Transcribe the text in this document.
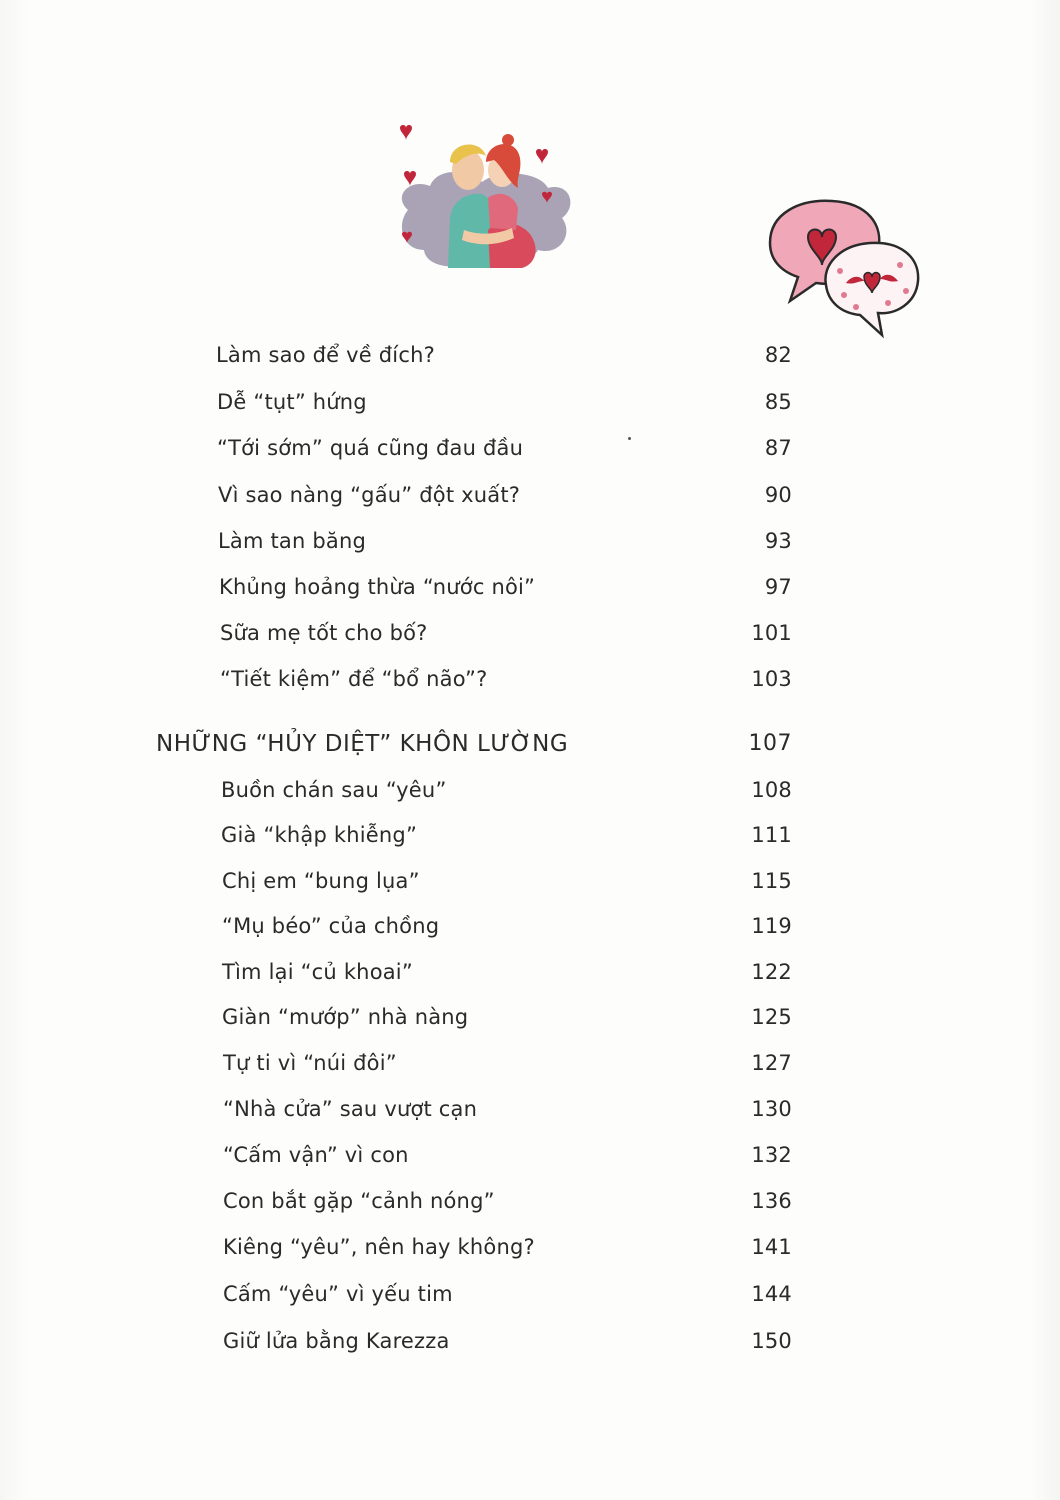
Làm sao để về đích?	82
Dễ “tụt” hứng	85
“Tới sớm” quá cũng đau đầu	87
Vì sao nàng “gấu” đột xuất?	90
Làm tan băng	93
Khủng hoảng thừa “nước nôi”	97
Sữa mẹ tốt cho bố?	101
“Tiết kiệm” để “bổ não”?	103
NHỮNG “HỦY DIỆT” KHÔN LƯỜNG	107
Buồn chán sau “yêu”	108
Già “khập khiễng”	111
Chị em “bung lụa”	115
“Mụ béo” của chồng	119
Tìm lại “củ khoai”	122
Giàn “mướp” nhà nàng	125
Tự ti vì “núi đôi”	127
“Nhà cửa” sau vượt cạn	130
“Cấm vận” vì con	132
Con bắt gặp “cảnh nóng”	136
Kiêng “yêu”, nên hay không?	141
Cấm “yêu” vì yếu tim	144
Giữ lửa bằng Karezza	150
